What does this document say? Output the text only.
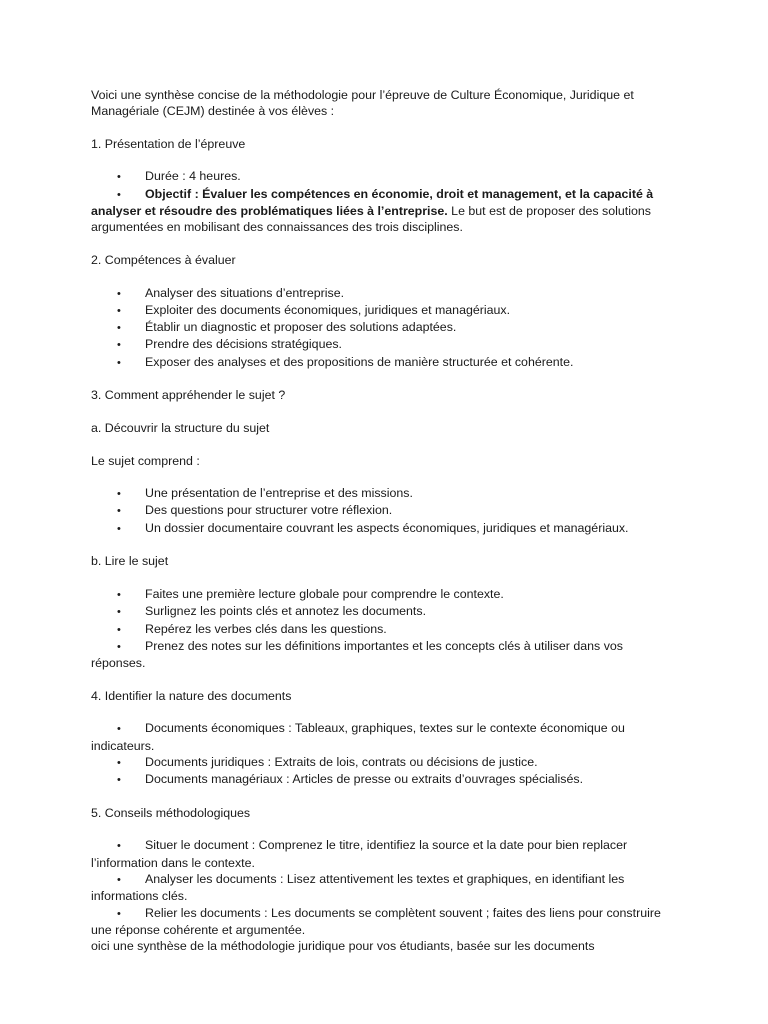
Voici une synthèse concise de la méthodologie pour l’épreuve de Culture Économique, Juridique et Managériale (CEJM) destinée à vos élèves :

1. Présentation de l’épreuve

• Durée : 4 heures.

• Objectif : Évaluer les compétences en économie, droit et management, et la capacité à analyser et résoudre des problématiques liées à l’entreprise. Le but est de proposer des solutions argumentées en mobilisant des connaissances des trois disciplines.

2. Compétences à évaluer

• Analyser des situations d’entreprise.

• Exploiter des documents économiques, juridiques et managériaux.

• Établir un diagnostic et proposer des solutions adaptées.

• Prendre des décisions stratégiques.

• Exposer des analyses et des propositions de manière structurée et cohérente.

3. Comment appréhender le sujet ?

a. Découvrir la structure du sujet

Le sujet comprend :

• Une présentation de l’entreprise et des missions.

• Des questions pour structurer votre réflexion.

• Un dossier documentaire couvrant les aspects économiques, juridiques et managériaux.

b. Lire le sujet

• Faites une première lecture globale pour comprendre le contexte.

• Surlignez les points clés et annotez les documents.

• Repérez les verbes clés dans les questions.

• Prenez des notes sur les définitions importantes et les concepts clés à utiliser dans vos réponses.

4. Identifier la nature des documents

• Documents économiques : Tableaux, graphiques, textes sur le contexte économique ou indicateurs.

• Documents juridiques : Extraits de lois, contrats ou décisions de justice.

• Documents managériaux : Articles de presse ou extraits d’ouvrages spécialisés.

5. Conseils méthodologiques

• Situer le document : Comprenez le titre, identifiez la source et la date pour bien replacer l’information dans le contexte.

• Analyser les documents : Lisez attentivement les textes et graphiques, en identifiant les informations clés.

• Relier les documents : Les documents se complètent souvent ; faites des liens pour construire une réponse cohérente et argumentée.

oici une synthèse de la méthodologie juridique pour vos étudiants, basée sur les documents
